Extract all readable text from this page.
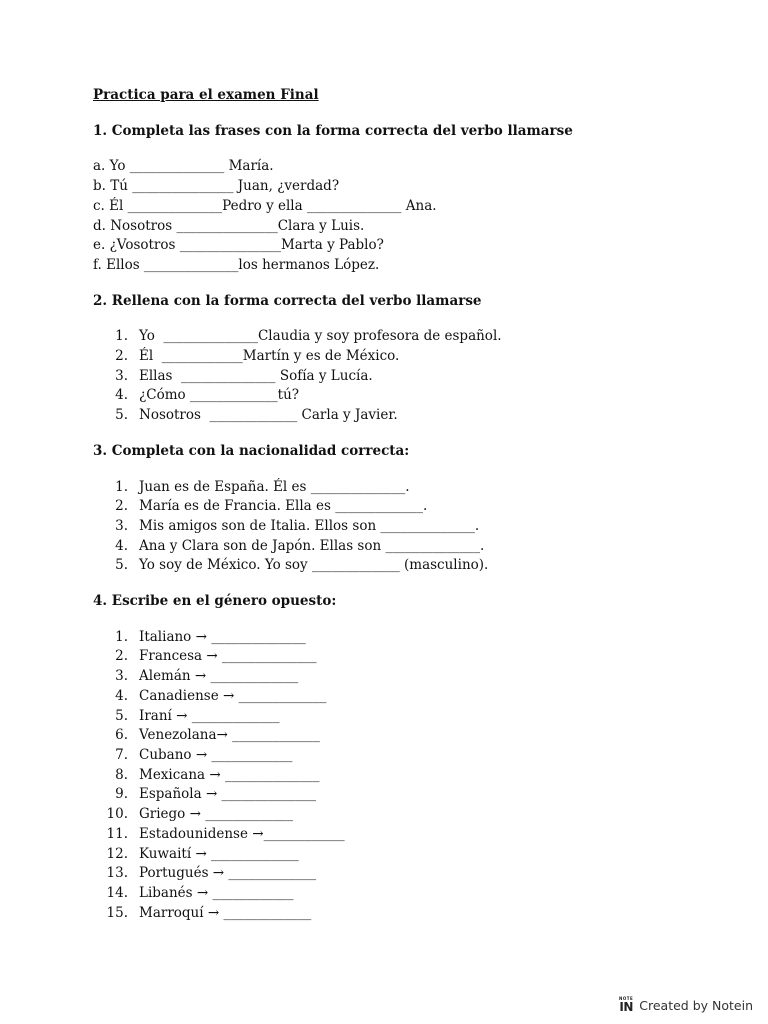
Practica para el examen Final
1. Completa las frases con la forma correcta del verbo llamarse
a. Yo ______________ María.
b. Tú _______________ Juan, ¿verdad?
c. Él ______________Pedro y ella ______________ Ana.
d. Nosotros _______________Clara y Luis.
e. ¿Vosotros _______________Marta y Pablo?
f. Ellos ______________los hermanos López.
2. Rellena con la forma correcta del verbo llamarse
1. Yo  ______________Claudia y soy profesora de español.
2. Él  ____________Martín y es de México.
3. Ellas  ______________ Sofía y Lucía.
4. ¿Cómo _____________tú?
5. Nosotros  _____________ Carla y Javier.
3. Completa con la nacionalidad correcta:
1. Juan es de España. Él es ______________.
2. María es de Francia. Ella es _____________.
3. Mis amigos son de Italia. Ellos son ______________.
4. Ana y Clara son de Japón. Ellas son ______________.
5. Yo soy de México. Yo soy _____________ (masculino).
4. Escribe en el género opuesto:
1. Italiano → ______________
2. Francesa → ______________
3. Alemán → _____________
4. Canadiense → _____________
5. Iraní → _____________
6. Venezolana→ _____________
7. Cubano → ____________
8. Mexicana → ______________
9. Española → ______________
10. Griego → _____________
11. Estadounidense →____________
12. Kuwaití → _____________
13. Portugués → _____________
14. Libanés → ____________
15. Marroquí → _____________
NOTE
IN Created by Notein
